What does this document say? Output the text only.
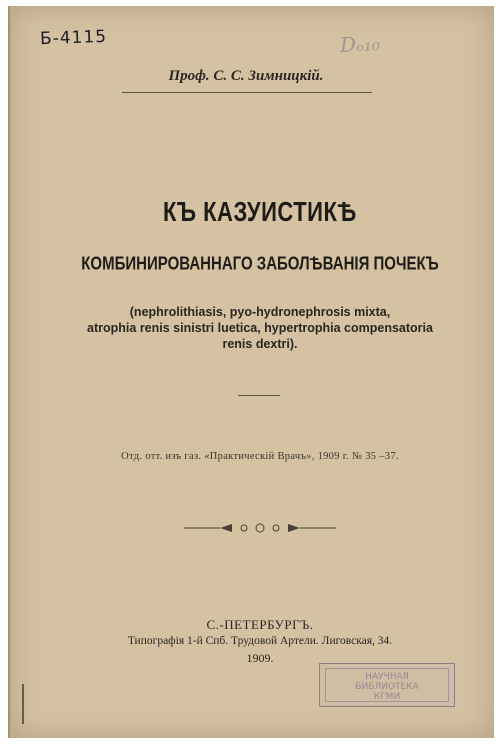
Б-4115	Dₒ₁₀
Проф. С. С. Зимницкій.
КЪ КАЗУИСТИКѢ
КОМБИНИРОВАННАГО ЗАБОЛѢВАНІЯ ПОЧЕКЪ
(nephrolithiasis, pyo-hydronephrosis mixta,
atrophia renis sinistri luetica, hypertrophia compensatoria
renis dextri).
Отд. отт. изъ газ. «Практическій Врачъ», 1909 г. № 35 –37.
С.-ПЕТЕРБУРГЪ.
Типографія 1-й Спб. Трудовой Артели. Лиговская, 34.
1909.
НАУЧНАЯ
БИБЛИОТЕКА
КГМИ
